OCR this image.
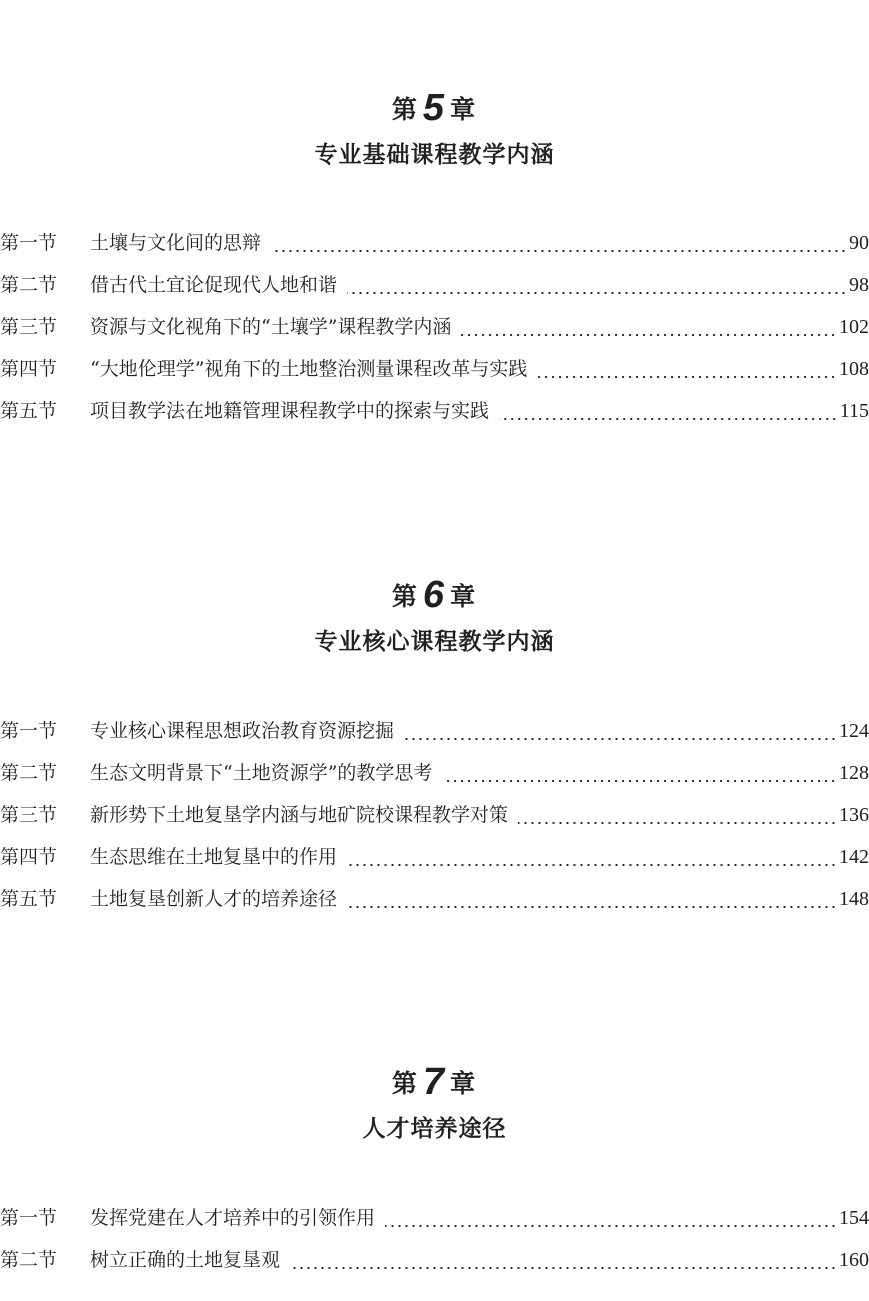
第 5 章
专业基础课程教学内涵
第一节	土壤与文化间的思辩	90
第二节	借古代土宜论促现代人地和谐	98
第三节	资源与文化视角下的“土壤学”课程教学内涵	102
第四节	“大地伦理学”视角下的土地整治测量课程改革与实践	108
第五节	项目教学法在地籍管理课程教学中的探索与实践	115
第 6 章
专业核心课程教学内涵
第一节	专业核心课程思想政治教育资源挖掘	124
第二节	生态文明背景下“土地资源学”的教学思考	128
第三节	新形势下土地复垦学内涵与地矿院校课程教学对策	136
第四节	生态思维在土地复垦中的作用	142
第五节	土地复垦创新人才的培养途径	148
第 7 章
人才培养途径
第一节	发挥党建在人才培养中的引领作用	154
第二节	树立正确的土地复垦观	160
